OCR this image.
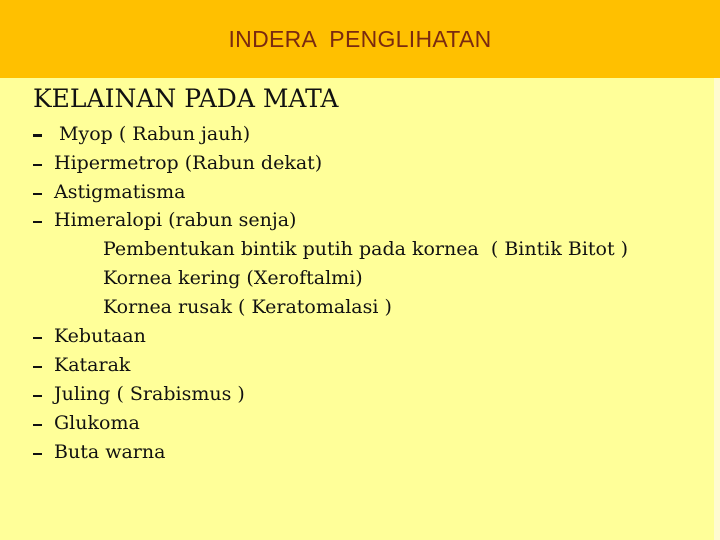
INDERA  PENGLIHATAN
KELAINAN PADA MATA
Myop ( Rabun jauh)
Hipermetrop (Rabun dekat)
Astigmatisma
Himeralopi (rabun senja)
Pembentukan bintik putih pada kornea  ( Bintik Bitot )
Kornea kering (Xeroftalmi)
Kornea rusak ( Keratomalasi )
Kebutaan
Katarak
Juling ( Srabismus )
Glukoma
Buta warna
